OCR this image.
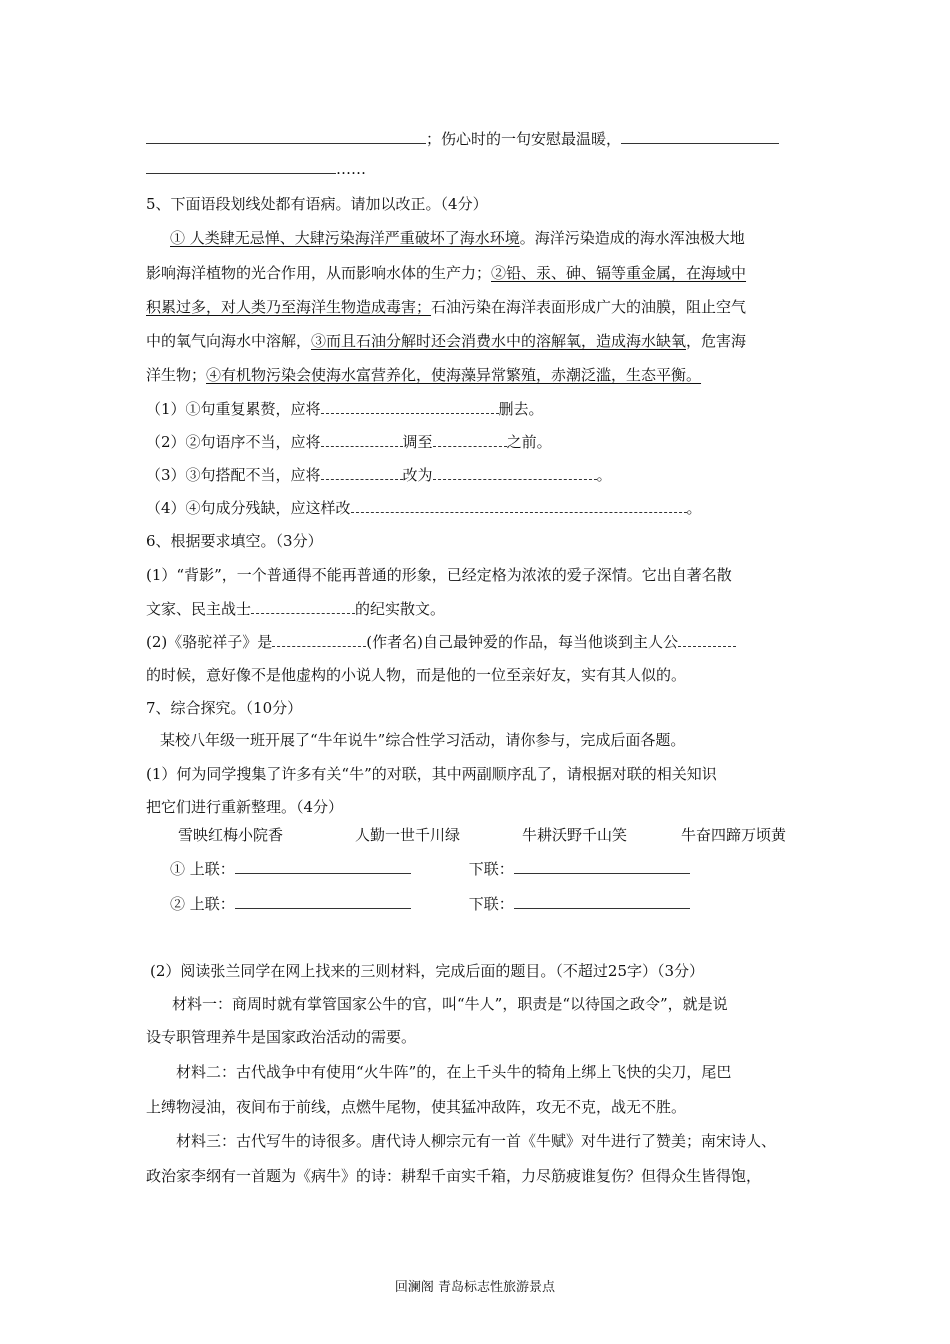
；伤心时的一句安慰最温暖，
……
5、下面语段划线处都有语病。请加以改正。（4分）
① 人类肆无忌惮、大肆污染海洋严重破坏了海水环境。海洋污染造成的海水浑浊极大地
影响海洋植物的光合作用，从而影响水体的生产力；②铅、汞、砷、镉等重金属，在海域中
积累过多，对人类乃至海洋生物造成毒害；石油污染在海洋表面形成广大的油膜，阻止空气
中的氧气向海水中溶解，③而且石油分解时还会消费水中的溶解氧，造成海水缺氧，危害海
洋生物；④有机物污染会使海水富营养化，使海藻异常繁殖，赤潮泛滥，生态平衡。
（1）①句重复累赘，应将	删去。
（2）②句语序不当，应将	调至	之前。
（3）③句搭配不当，应将	改为	。
（4）④句成分残缺，应这样改	。
6、根据要求填空。（3分）
(1）“背影”，一个普通得不能再普通的形象，已经定格为浓浓的爱子深情。它出自著名散
文家、民主战士	的纪实散文。
(2)《骆驼祥子》是	(作者名)自己最钟爱的作品，每当他谈到主人公
的时候，意好像不是他虚构的小说人物，而是他的一位至亲好友，实有其人似的。
7、综合探究。（10分）
某校八年级一班开展了“牛年说牛”综合性学习活动，请你参与，完成后面各题。
(1）何为同学搜集了许多有关“牛”的对联，其中两副顺序乱了，请根据对联的相关知识
把它们进行重新整理。（4分）
雪映红梅小院香	人勤一世千川绿	牛耕沃野千山笑	牛奋四蹄万顷黄
① 上联：	下联：
② 上联：	下联：
(2）阅读张兰同学在网上找来的三则材料，完成后面的题目。（不超过25字）（3分）
材料一：商周时就有掌管国家公牛的官，叫“牛人”，职责是“以待国之政令”，就是说
设专职管理养牛是国家政治活动的需要。
材料二：古代战争中有使用“火牛阵”的，在上千头牛的犄角上绑上飞快的尖刀，尾巴
上缚物浸油，夜间布于前线，点燃牛尾物，使其猛冲敌阵，攻无不克，战无不胜。
材料三：古代写牛的诗很多。唐代诗人柳宗元有一首《牛赋》对牛进行了赞美；南宋诗人、
政治家李纲有一首题为《病牛》的诗：耕犁千亩实千箱，力尽筋疲谁复伤？但得众生皆得饱，
回澜阁 青岛标志性旅游景点
